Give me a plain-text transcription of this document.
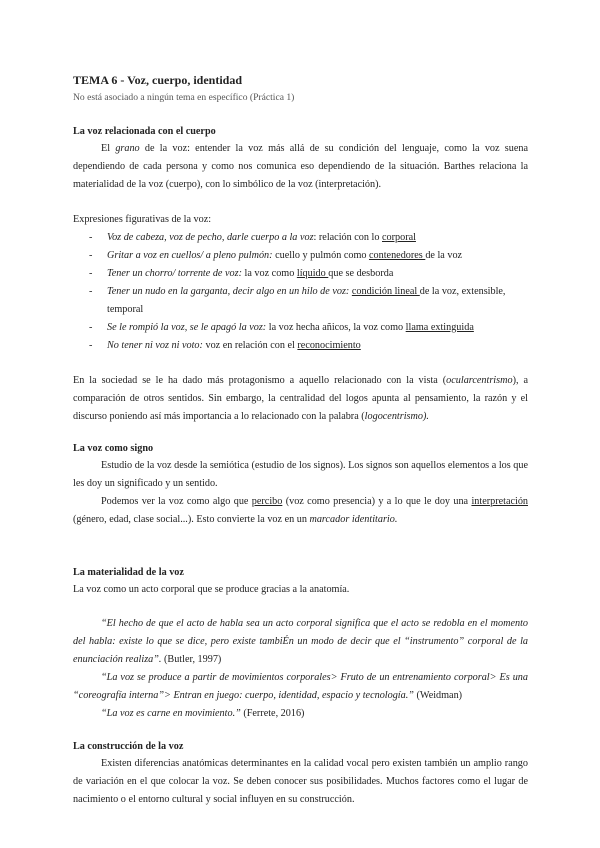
TEMA 6 - Voz, cuerpo, identidad
No está asociado a ningún tema en específico (Práctica 1)
La voz relacionada con el cuerpo

El grano de la voz: entender la voz más allá de su condición del lenguaje, como la voz suena dependiendo de cada persona y como nos comunica eso dependiendo de la situación. Barthes relaciona la materialidad de la voz (cuerpo), con lo simbólico de la voz (interpretación).

Expresiones figurativas de la voz:

- Voz de cabeza, voz de pecho, darle cuerpo a la voz: relación con lo corporal
- Gritar a voz en cuellos/ a pleno pulmón: cuello y pulmón como contenedores de la voz
- Tener un chorro/ torrente de voz: la voz como líquido que se desborda
- Tener un nudo en la garganta, decir algo en un hilo de voz: condición lineal de la voz, extensible, temporal
- Se le rompió la voz, se le apagó la voz: la voz hecha añicos, la voz como llama extinguida
- No tener ni voz ni voto: voz en relación con el reconocimiento

En la sociedad se le ha dado más protagonismo a aquello relacionado con la vista (ocularcentrismo), a comparación de otros sentidos. Sin embargo, la centralidad del logos apunta al pensamiento, la razón y el discurso poniendo así más importancia a lo relacionado con la palabra (logocentrismo).

La voz como signo

Estudio de la voz desde la semiótica (estudio de los signos). Los signos son aquellos elementos a los que les doy un significado y un sentido.

Podemos ver la voz como algo que percibo (voz como presencia) y a lo que le doy una interpretación (género, edad, clase social...). Esto convierte la voz en un marcador identitario.

La materialidad de la voz

La voz como un acto corporal que se produce gracias a la anatomía.

“El hecho de que el acto de habla sea un acto corporal significa que el acto se redobla en el momento del habla: existe lo que se dice, pero existe tambiÉn un modo de decir que el “instrumento” corporal de la enunciación realiza”. (Butler, 1997)

“La voz se produce a partir de movimientos corporales> Fruto de un entrenamiento corporal> Es una “coreografía interna”> Entran en juego: cuerpo, identidad, espacio y tecnología.” (Weidman)

“La voz es carne en movimiento.” (Ferrete, 2016)

La construcción de la voz

Existen diferencias anatómicas determinantes en la calidad vocal pero existen también un amplio rango de variación en el que colocar la voz. Se deben conocer sus posibilidades. Muchos factores como el lugar de nacimiento o el entorno cultural y social influyen en su construcción.
